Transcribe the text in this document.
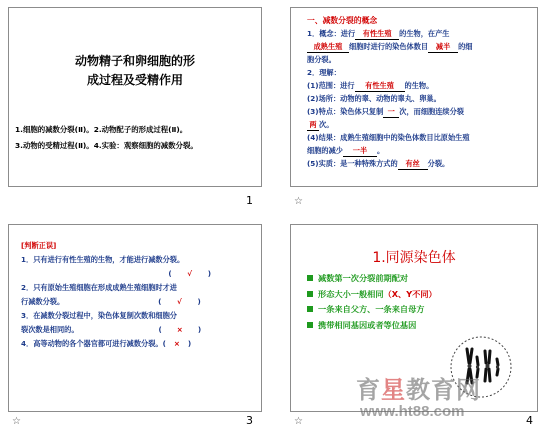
动物精子和卵细胞的形
成过程及受精作用
1.细胞的减数分裂(Ⅱ)。2.动物配子的形成过程(Ⅱ)。
3.动物的受精过程(Ⅱ)。4.实验：观察细胞的减数分裂。
1
一、减数分裂的概念
1．概念：进行 有性生殖 的生物，在产生
成熟生殖 细胞时进行的染色体数目 减半 的细
胞分裂。
2．理解：
(1)范围：进行 有性生殖 的生物。
(2)场所：动物的睾、动物的睾丸、卵巢。
(3)特点：染色体只复制 一 次，而细胞连续分裂
两 次。
(4)结果：成熟生殖细胞中的染色体数目比原始生殖
细胞的减少 一半 。
(5)实质：是一种特殊方式的 有丝 分裂。
☆
[判断正误]
1．只有进行有性生殖的生物，才能进行减数分裂。
( √ )
2．只有原始生殖细胞在形成成熟生殖细胞时才进
行减数分裂。	( √ )
3．在减数分裂过程中，染色体复制次数和细胞分
裂次数是相同的。	( × )
4．高等动物的各个器官都可进行减数分裂。( × )
☆	3
1.同源染色体
减数第一次分裂前期配对
形态大小一般相同（X、Y不同）
一条来自父方、一条来自母方
携带相同基因或者等位基因
☆	4
育星教育网
www.ht88.com
